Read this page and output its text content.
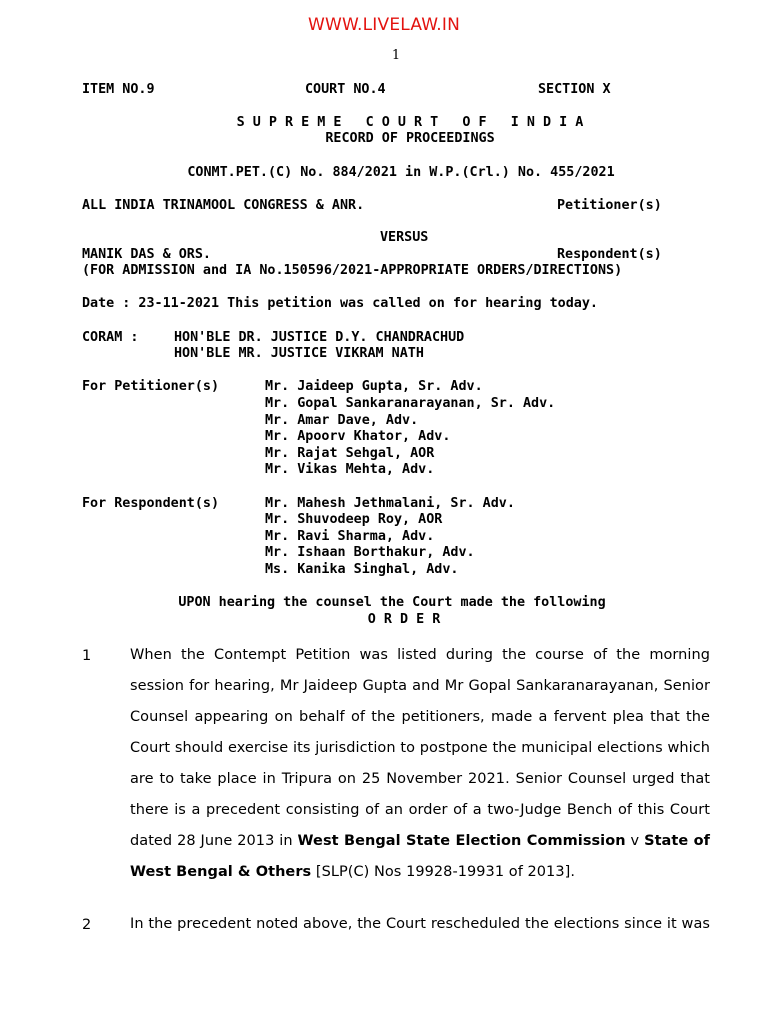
WWW.LIVELAW.IN
1
ITEM NO.9	COURT NO.4	SECTION X
S U P R E M E   C O U R T   O F   I N D I A
RECORD OF PROCEEDINGS
CONMT.PET.(C) No. 884/2021 in W.P.(Crl.) No. 455/2021
ALL INDIA TRINAMOOL CONGRESS & ANR.	Petitioner(s)
VERSUS
MANIK DAS & ORS.	Respondent(s)
(FOR ADMISSION and IA No.150596/2021-APPROPRIATE ORDERS/DIRECTIONS)
Date : 23-11-2021 This petition was called on for hearing today.
CORAM :	HON'BLE DR. JUSTICE D.Y. CHANDRACHUD
HON'BLE MR. JUSTICE VIKRAM NATH
For Petitioner(s)	Mr. Jaideep Gupta, Sr. Adv.
Mr. Gopal Sankaranarayanan, Sr. Adv.
Mr. Amar Dave, Adv.
Mr. Apoorv Khator, Adv.
Mr. Rajat Sehgal, AOR
Mr. Vikas Mehta, Adv.
For Respondent(s)	Mr. Mahesh Jethmalani, Sr. Adv.
Mr. Shuvodeep Roy, AOR
Mr. Ravi Sharma, Adv.
Mr. Ishaan Borthakur, Adv.
Ms. Kanika Singhal, Adv.
UPON hearing the counsel the Court made the following
O R D E R
1	When the Contempt Petition was listed during the course of the morning session for hearing, Mr Jaideep Gupta and Mr Gopal Sankaranarayanan, Senior Counsel appearing on behalf of the petitioners, made a fervent plea that the Court should exercise its jurisdiction to postpone the municipal elections which are to take place in Tripura on 25 November 2021. Senior Counsel urged that there is a precedent consisting of an order of a two-Judge Bench of this Court dated 28 June 2013 in West Bengal State Election Commission v State of West Bengal & Others [SLP(C) Nos 19928-19931 of 2013].
2	In the precedent noted above, the Court rescheduled the elections since it was
